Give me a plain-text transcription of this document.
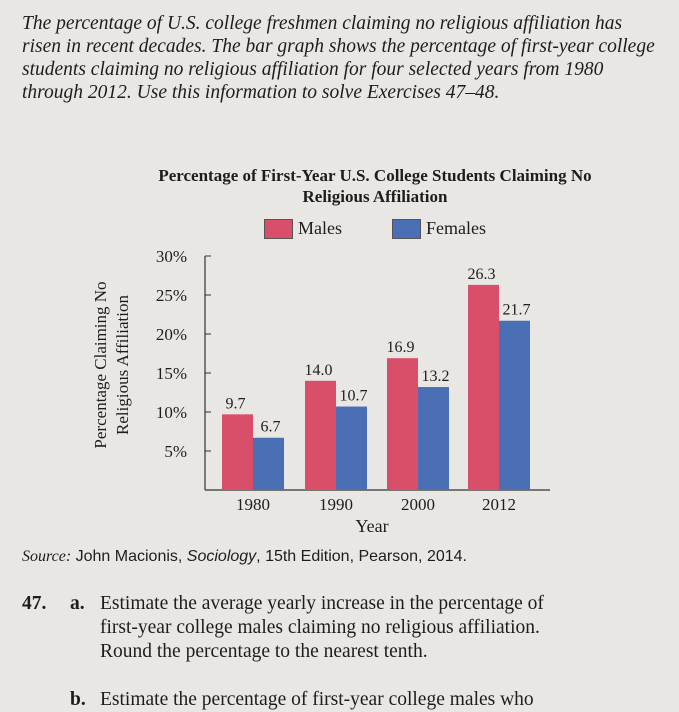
The percentage of U.S. college freshmen claiming no religious affiliation has risen in recent decades. The bar graph shows the percentage of first-year college students claiming no religious affiliation for four selected years from 1980 through 2012. Use this information to solve Exercises 47–48.
Percentage of First-Year U.S. College Students Claiming No Religious Affiliation
Males	Females
5%
10%
15%
20%
25%
30%
Percentage Claiming No Religious Affiliation	9.7
6.7
1980
14.0
10.7
1990
16.9
13.2
2000
26.3
21.7
2012
Year
Source: John Macionis, Sociology, 15th Edition, Pearson, 2014.
47. a.
b.
Estimate the average yearly increase in the percentage of
first-year college males claiming no religious affiliation.
Round the percentage to the nearest tenth.
Estimate the percentage of first-year college males who
